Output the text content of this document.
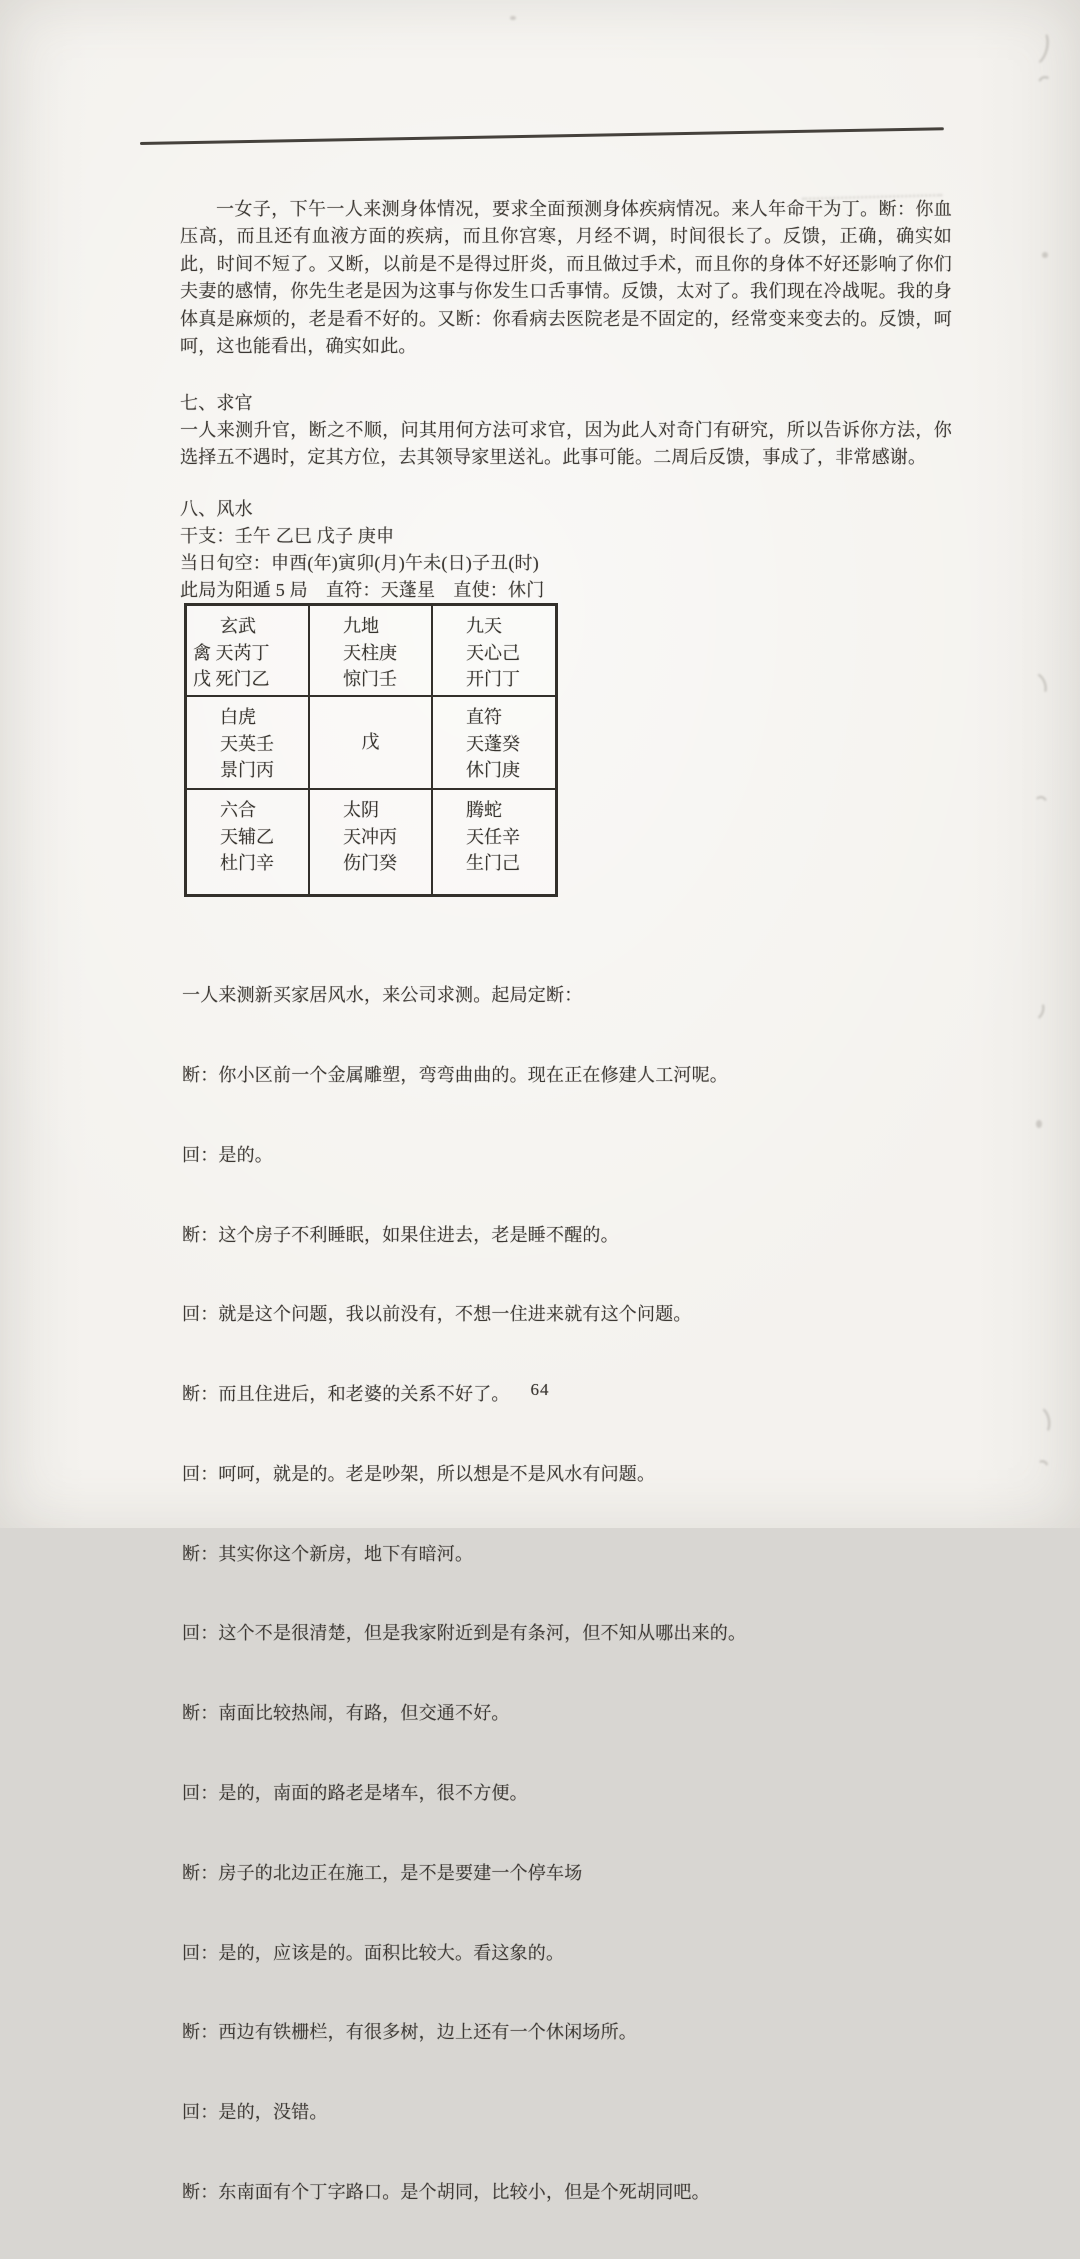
一女子，下午一人来测身体情况，要求全面预测身体疾病情况。来人年命干为丁。断：你血压高，而且还有血液方面的疾病，而且你宫寒，月经不调，时间很长了。反馈，正确，确实如此，时间不短了。又断，以前是不是得过肝炎，而且做过手术，而且你的身体不好还影响了你们夫妻的感情，你先生老是因为这事与你发生口舌事情。反馈，太对了。我们现在冷战呢。我的身体真是麻烦的，老是看不好的。又断：你看病去医院老是不固定的，经常变来变去的。反馈，呵呵，这也能看出，确实如此。
七、求官
一人来测升官，断之不顺，问其用何方法可求官，因为此人对奇门有研究，所以告诉你方法，你选择五不遇时，定其方位，去其领导家里送礼。此事可能。二周后反馈，事成了，非常感谢。
八、风水
干支：壬午 乙巳 戊子 庚申
当日旬空：申酉(年)寅卯(月)午未(日)子丑(时)
此局为阳遁 5 局　直符：天蓬星　直使：休门
玄武
禽 天芮丁
戊 死门乙
九地
天柱庚
惊门壬
九天
天心己
开门丁
白虎
天英壬
景门丙
戊
直符
天蓬癸
休门庚
六合
天辅乙
杜门辛
太阴
天冲丙
伤门癸
腾蛇
天任辛
生门己

一人来测新买家居风水，来公司求测。起局定断：

断：你小区前一个金属雕塑，弯弯曲曲的。现在正在修建人工河呢。

回：是的。

断：这个房子不利睡眠，如果住进去，老是睡不醒的。

回：就是这个问题，我以前没有，不想一住进来就有这个问题。

断：而且住进后，和老婆的关系不好了。

回：呵呵，就是的。老是吵架，所以想是不是风水有问题。

断：其实你这个新房，地下有暗河。

回：这个不是很清楚，但是我家附近到是有条河，但不知从哪出来的。

断：南面比较热闹，有路，但交通不好。

回：是的，南面的路老是堵车，很不方便。

断：房子的北边正在施工，是不是要建一个停车场

回：是的，应该是的。面积比较大。看这象的。

断：西边有铁栅栏，有很多树，边上还有一个休闲场所。

回：是的，没错。

断：东南面有个丁字路口。是个胡同，比较小，但是个死胡同吧。

64
